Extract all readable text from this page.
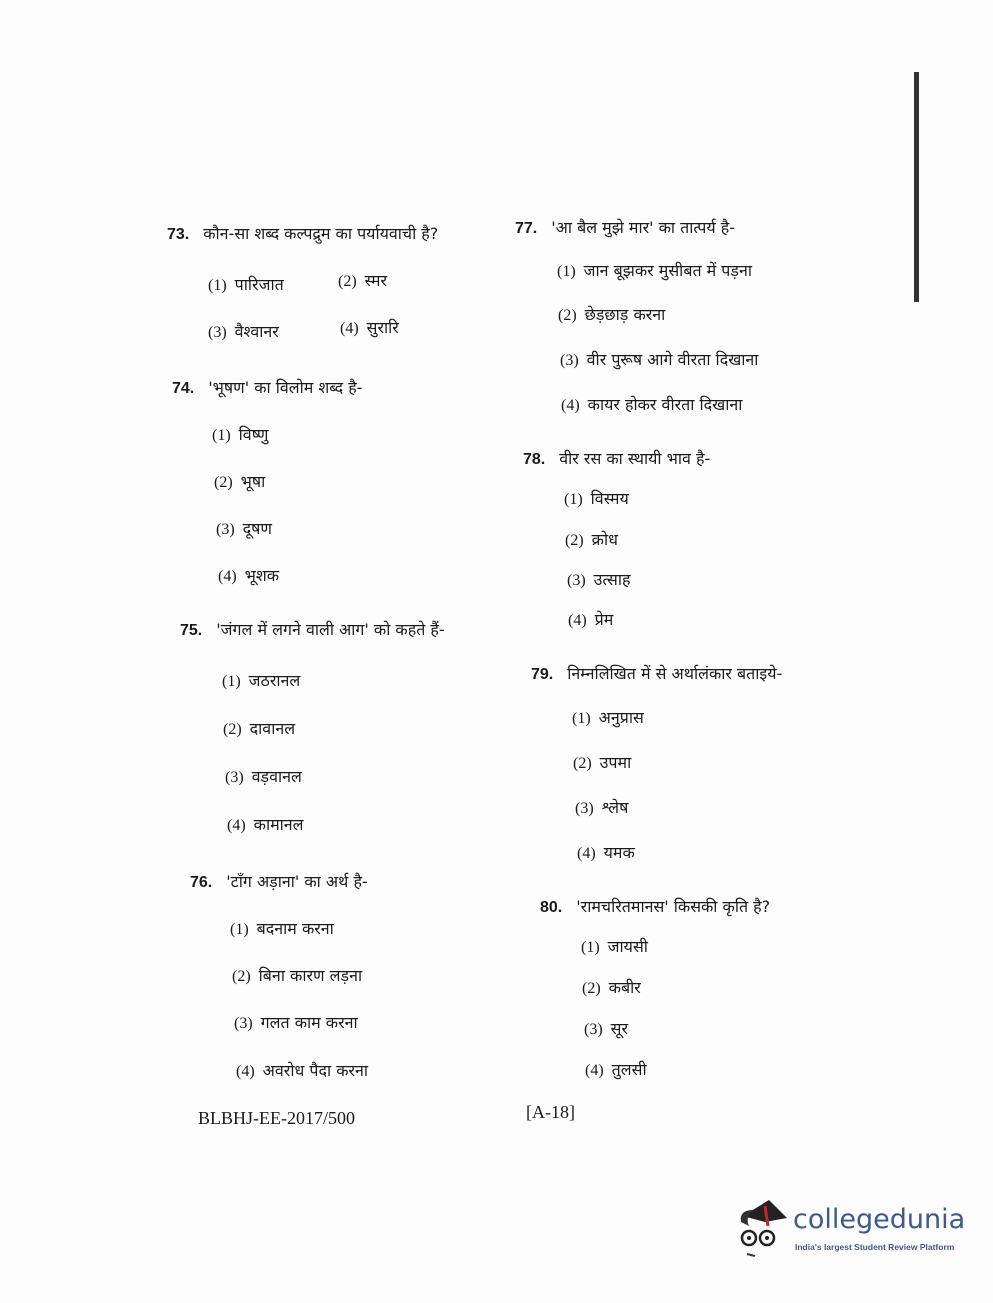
73. कौन-सा शब्द कल्पद्रुम का पर्यायवाची है?
(1) पारिजात	(2) स्मर
(3) वैश्वानर	(4) सुरारि
74. 'भूषण' का विलोम शब्द है-
(1) विष्णु
(2) भूषा
(3) दूषण
(4) भूशक
75. 'जंगल में लगने वाली आग' को कहते हैं-
(1) जठरानल
(2) दावानल
(3) वड़वानल
(4) कामानल
76. 'टाँग अड़ाना' का अर्थ है-
(1) बदनाम करना
(2) बिना कारण लड़ना
(3) गलत काम करना
(4) अवरोध पैदा करना
77. 'आ बैल मुझे मार' का तात्पर्य है-
(1) जान बूझकर मुसीबत में पड़ना
(2) छेड़छाड़ करना
(3) वीर पुरूष आगे वीरता दिखाना
(4) कायर होकर वीरता दिखाना
78. वीर रस का स्थायी भाव है-
(1) विस्मय
(2) क्रोध
(3) उत्साह
(4) प्रेम
79. निम्नलिखित में से अर्थालंकार बताइये-
(1) अनुप्रास
(2) उपमा
(3) श्लेष
(4) यमक
80. 'रामचरितमानस' किसकी कृति है?
(1) जायसी
(2) कबीर
(3) सूर
(4) तुलसी
BLBHJ-EE-2017/500	[A-18]
collegedunia
India's largest Student Review Platform
